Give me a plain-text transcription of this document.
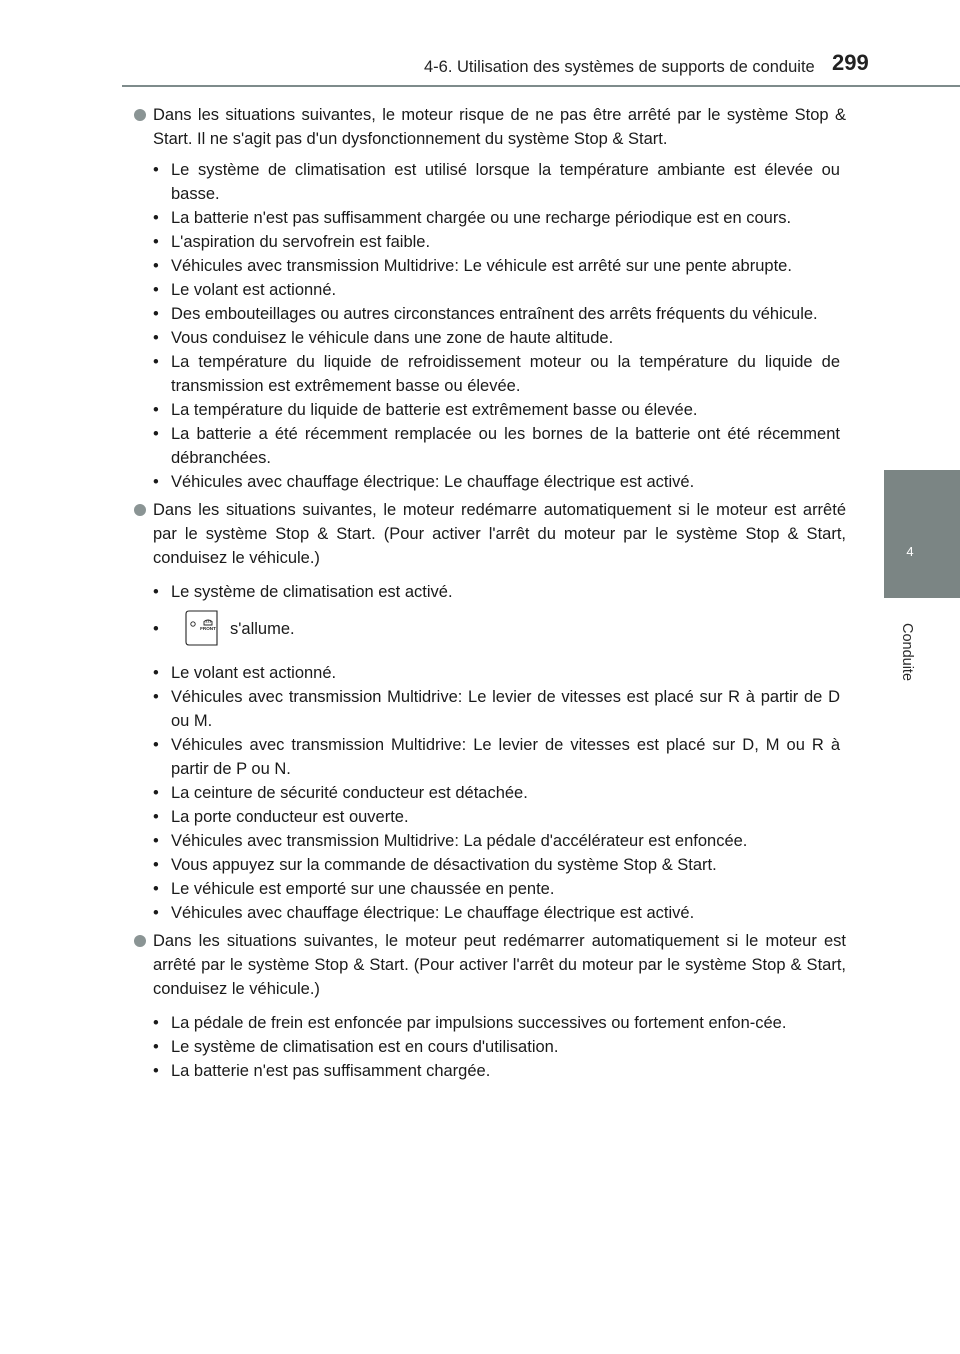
4-6. Utilisation des systèmes de supports de conduite 299
4
Conduite
Dans les situations suivantes, le moteur risque de ne pas être arrêté par le système Stop & Start. Il ne s'agit pas d'un dysfonctionnement du système Stop & Start.
• Le système de climatisation est utilisé lorsque la température ambiante est élevée ou basse.
• La batterie n'est pas suffisamment chargée ou une recharge périodique est en cours.
• L'aspiration du servofrein est faible.
• Véhicules avec transmission Multidrive: Le véhicule est arrêté sur une pente abrupte.
• Le volant est actionné.
• Des embouteillages ou autres circonstances entraînent des arrêts fréquents du véhicule.
• Vous conduisez le véhicule dans une zone de haute altitude.
• La température du liquide de refroidissement moteur ou la température du liquide de transmission est extrêmement basse ou élevée.
• La température du liquide de batterie est extrêmement basse ou élevée.
• La batterie a été récemment remplacée ou les bornes de la batterie ont été récemment débranchées.
• Véhicules avec chauffage électrique: Le chauffage électrique est activé.
Dans les situations suivantes, le moteur redémarre automatiquement si le moteur est arrêté par le système Stop & Start. (Pour activer l'arrêt du moteur par le système Stop & Start, conduisez le véhicule.)
• Le système de climatisation est activé.
•	FRONT s'allume.
• Le volant est actionné.
• Véhicules avec transmission Multidrive: Le levier de vitesses est placé sur R à partir de D ou M.
• Véhicules avec transmission Multidrive: Le levier de vitesses est placé sur D, M ou R à partir de P ou N.
• La ceinture de sécurité conducteur est détachée.
• La porte conducteur est ouverte.
• Véhicules avec transmission Multidrive: La pédale d'accélérateur est enfoncée.
• Vous appuyez sur la commande de désactivation du système Stop & Start.
• Le véhicule est emporté sur une chaussée en pente.
• Véhicules avec chauffage électrique: Le chauffage électrique est activé.
Dans les situations suivantes, le moteur peut redémarrer automatiquement si le moteur est arrêté par le système Stop & Start. (Pour activer l'arrêt du moteur par le système Stop & Start, conduisez le véhicule.)
• La pédale de frein est enfoncée par impulsions successives ou fortement enfon-cée.
• Le système de climatisation est en cours d'utilisation.
• La batterie n'est pas suffisamment chargée.
